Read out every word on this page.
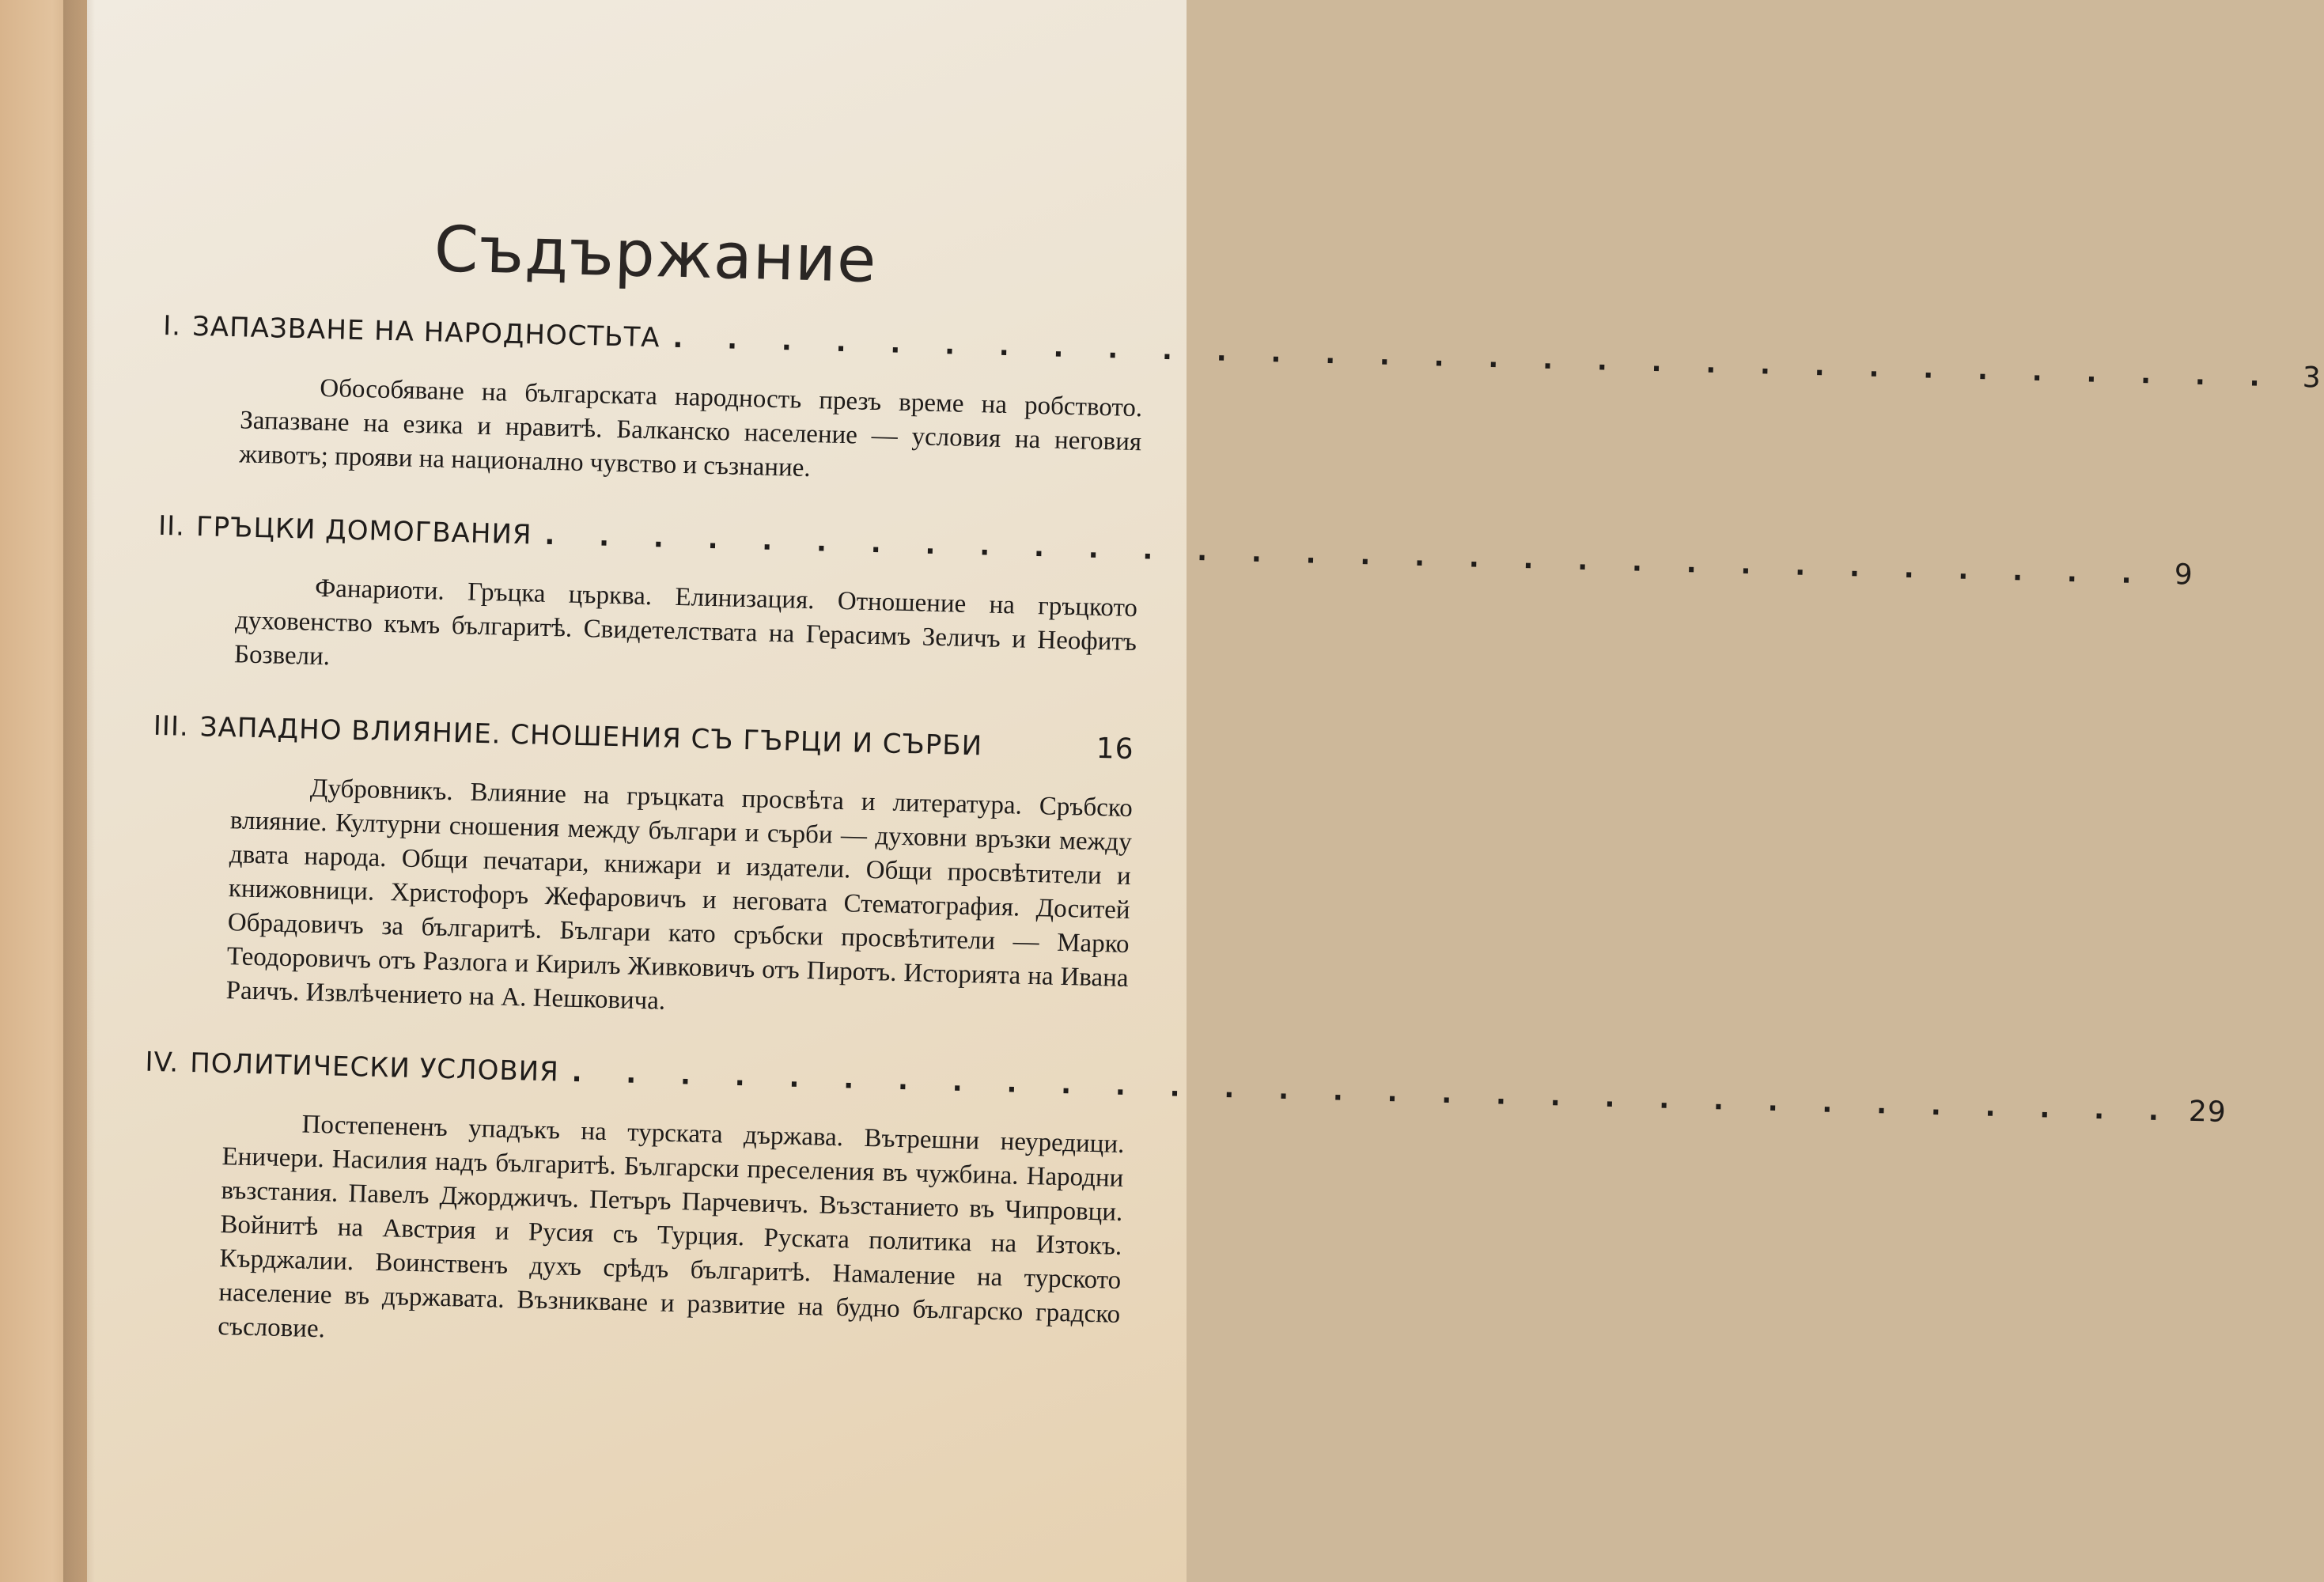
Съдържание
I. ЗАПАЗВАНЕ НА НАРОДНОСТЬТА . . . . . . . . . . . . . . . . . . . . . . . . . . . . . . 3

Обособяване на българската народность презъ време на робството. Запазване на езика и нравитѣ. Балканско население — условия на неговия животъ; прояви на национално чувство и съзнание.

II. ГРЪЦКИ ДОМОГВАНИЯ . . . . . . . . . . . . . . . . . . . . . . . . . . . . . . 9

Фанариоти. Гръцка църква. Елинизация. Отношение на гръцкото духовенство къмъ българитѣ. Свидетелствата на Герасимъ Зеличъ и Неофитъ Бозвели.

III. ЗАПАДНО ВЛИЯНИЕ. СНОШЕНИЯ СЪ ГЪРЦИ И СЪРБИ	16

Дубровникъ. Влияние на гръцката просвѣта и литература. Сръбско влияние. Културни сношения между българи и сърби — духовни връзки между двата народа. Общи печатари, книжари и издатели. Общи просвѣтители и книжовници. Христофоръ Жефаровичъ и неговата Стематография. Доситей Обрадовичъ за българитѣ. Българи като сръбски просвѣтители — Марко Теодоровичъ отъ Разлога и Кирилъ Живковичъ отъ Пиротъ. Историята на Ивана Раичъ. Извлѣчението на А. Нешковича.

IV. ПОЛИТИЧЕСКИ УСЛОВИЯ . . . . . . . . . . . . . . . . . . . . . . . . . . . . . . 29

Постепененъ упадъкъ на турската държава. Вътрешни неуредици. Еничери. Насилия надъ българитѣ. Български преселения въ чужбина. Народни възстания. Павелъ Джорджичъ. Петъръ Парчевичъ. Възстанието въ Чипровци. Войнитѣ на Австрия и Русия съ Турция. Руската политика на Изтокъ. Кърджалии. Воинственъ духъ срѣдъ българитѣ. Намаление на турското население въ държавата. Възникване и развитие на будно българско градско съсловие.
